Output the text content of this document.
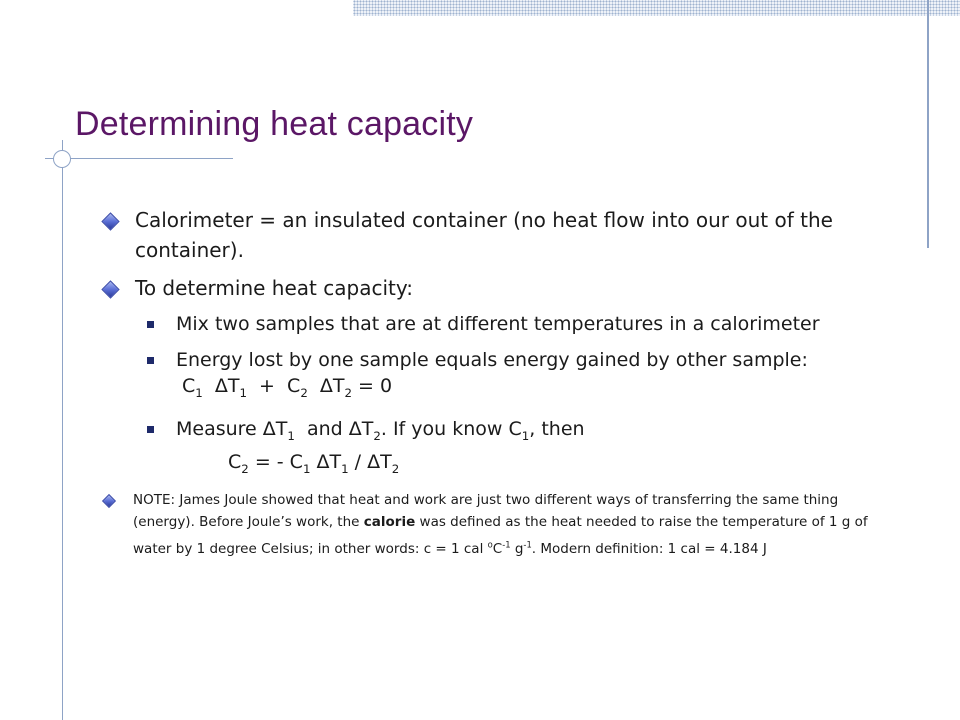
Determining heat capacity
Calorimeter = an insulated container (no heat flow into our out of the container).
To determine heat capacity:
Mix two samples that are at different temperatures in a calorimeter
Energy lost by one sample equals energy gained by other sample:
$C_1$  $\Delta T_1 + C_2$  $\Delta T_2 = 0$
Measure $\Delta T_1$  and $\Delta T_2$. If you know $C_1$, then
$C_2$ = - $C_1$ $\Delta T_1 / \Delta T_2$
NOTE: James Joule showed that heat and work are just two different ways of transferring the same thing (energy). Before Joule’s work, the calorie was defined as the heat needed to raise the temperature of 1 g of water by 1 degree Celsius; in other words: c = 1 cal $^oC^{-1}$ $g^{-1}$. Modern definition: 1 cal = 4.184 J
